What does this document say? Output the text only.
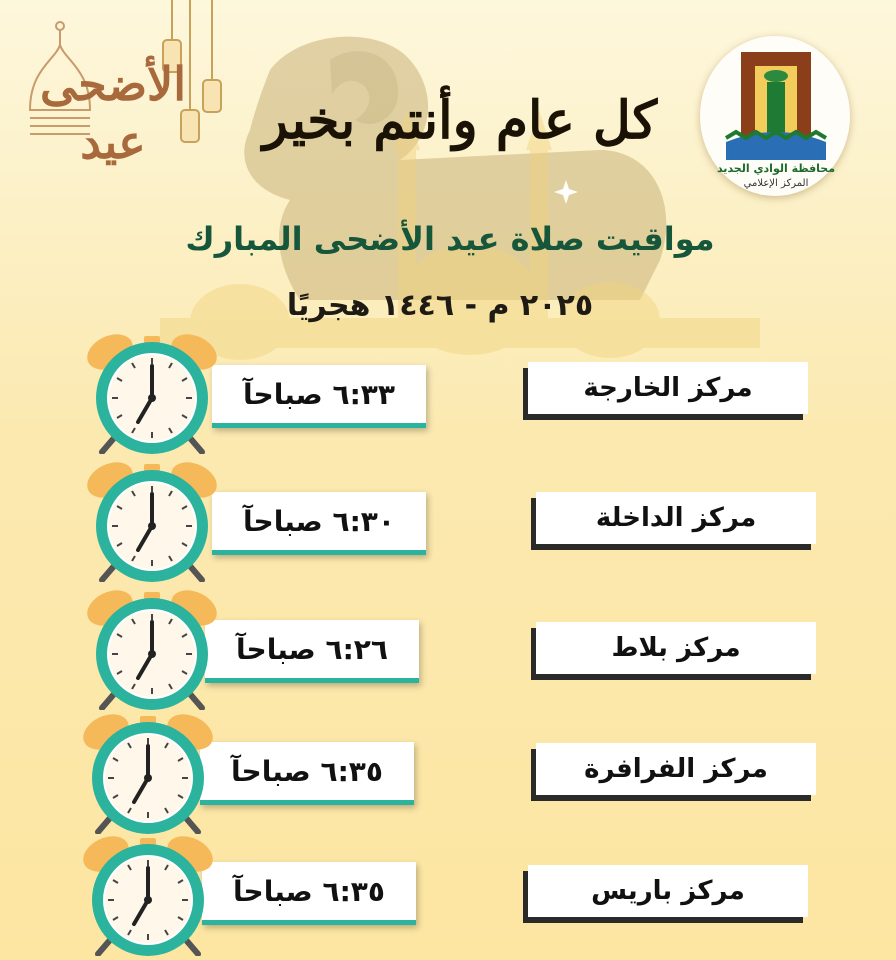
الأضحى
عيد	كل عام وأنتم بخير
محافظة الوادي الجديد
المركز الإعلامي
مواقيت صلاة عيد الأضحى المبارك
٢٠٢٥ م - ١٤٤٦ هجريًا
٦:٣٣ صباحآ	مركز الخارجة
٦:٣٠ صباحآ	مركز الداخلة
٦:٢٦ صباحآ	مركز بلاط
٦:٣٥ صباحآ	مركز الفرافرة
٦:٣٥ صباحآ	مركز باريس
